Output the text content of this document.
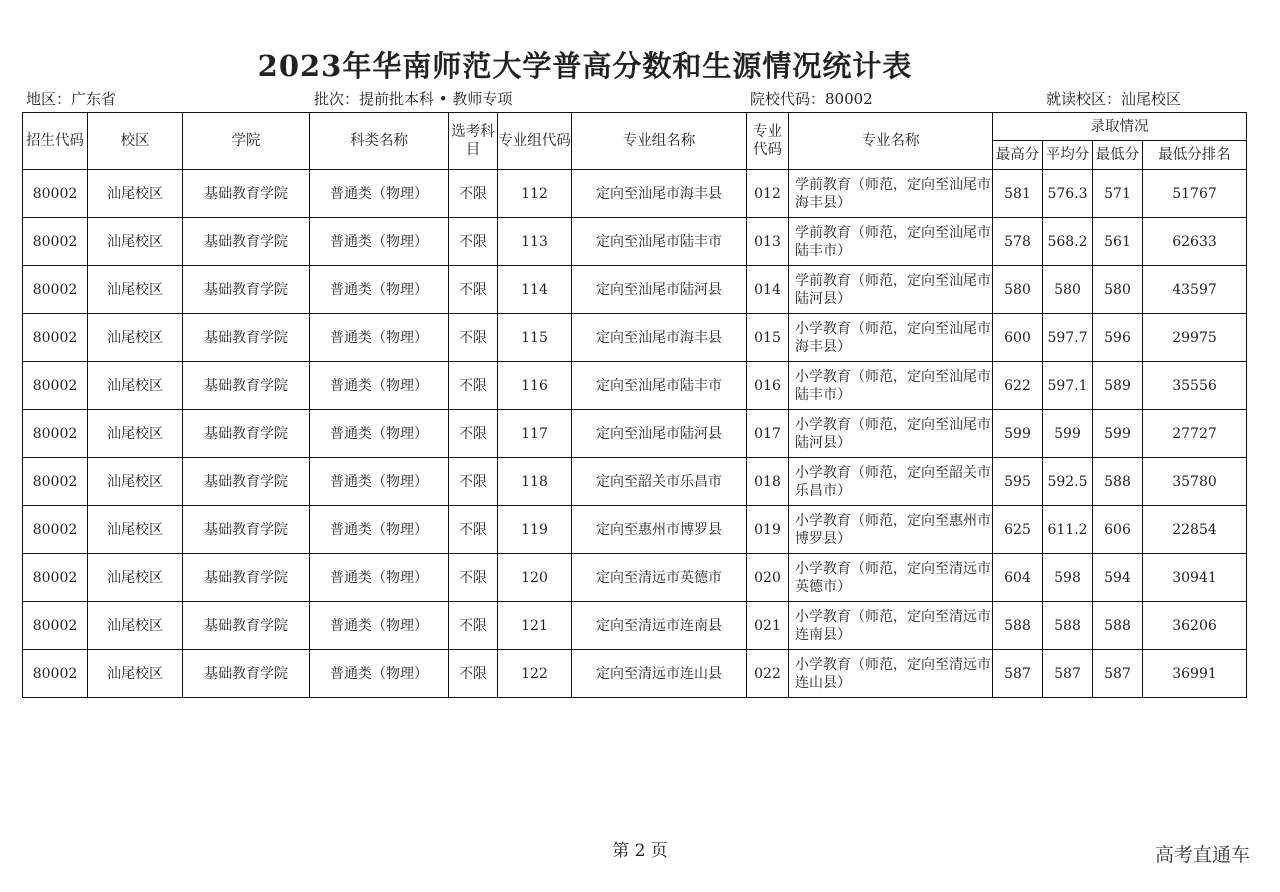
2023年华南师范大学普高分数和生源情况统计表
地区：广东省	批次：提前批本科 • 教师专项	院校代码：80002	就读校区：汕尾校区
招生代码	校区	学院	科类名称	选考科目	专业组代码	专业组名称	专业代码	专业名称	录取情况			
									最高分	平均分	最低分	最低分排名
80002	汕尾校区	基础教育学院	普通类（物理）	不限	112	定向至汕尾市海丰县	012	学前教育（师范，定向至汕尾市海丰县）	581	576.3	571	51767
80002	汕尾校区	基础教育学院	普通类（物理）	不限	113	定向至汕尾市陆丰市	013	学前教育（师范，定向至汕尾市陆丰市）	578	568.2	561	62633
80002	汕尾校区	基础教育学院	普通类（物理）	不限	114	定向至汕尾市陆河县	014	学前教育（师范，定向至汕尾市陆河县）	580	580	580	43597
80002	汕尾校区	基础教育学院	普通类（物理）	不限	115	定向至汕尾市海丰县	015	小学教育（师范，定向至汕尾市海丰县）	600	597.7	596	29975
80002	汕尾校区	基础教育学院	普通类（物理）	不限	116	定向至汕尾市陆丰市	016	小学教育（师范，定向至汕尾市陆丰市）	622	597.1	589	35556
80002	汕尾校区	基础教育学院	普通类（物理）	不限	117	定向至汕尾市陆河县	017	小学教育（师范，定向至汕尾市陆河县）	599	599	599	27727
80002	汕尾校区	基础教育学院	普通类（物理）	不限	118	定向至韶关市乐昌市	018	小学教育（师范，定向至韶关市乐昌市）	595	592.5	588	35780
80002	汕尾校区	基础教育学院	普通类（物理）	不限	119	定向至惠州市博罗县	019	小学教育（师范，定向至惠州市博罗县）	625	611.2	606	22854
80002	汕尾校区	基础教育学院	普通类（物理）	不限	120	定向至清远市英德市	020	小学教育（师范，定向至清远市英德市）	604	598	594	30941
80002	汕尾校区	基础教育学院	普通类（物理）	不限	121	定向至清远市连南县	021	小学教育（师范，定向至清远市连南县）	588	588	588	36206
80002	汕尾校区	基础教育学院	普通类（物理）	不限	122	定向至清远市连山县	022	小学教育（师范，定向至清远市连山县）	587	587	587	36991
第 2 页	高考直通车
